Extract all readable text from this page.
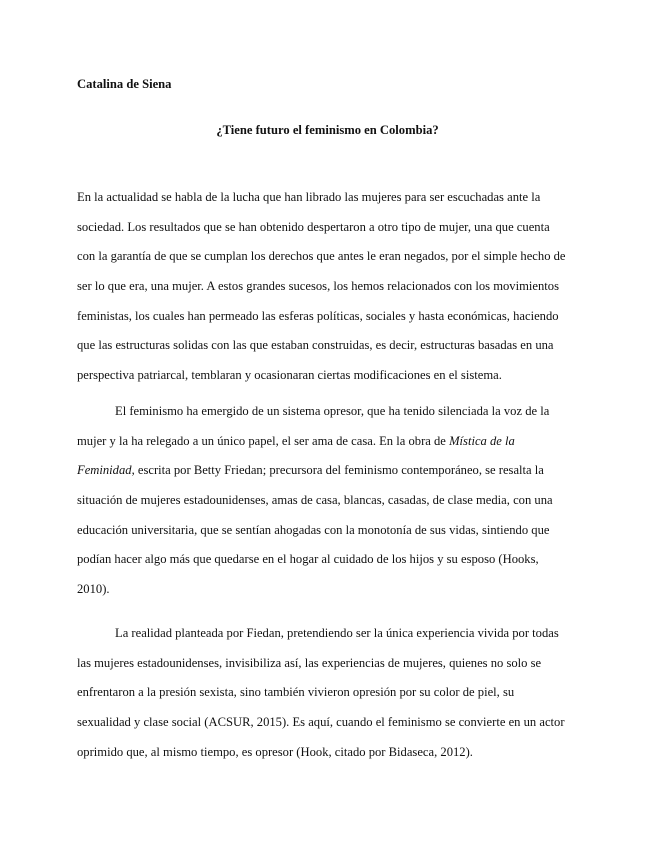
Catalina de Siena
¿Tiene futuro el feminismo en Colombia?
En la actualidad se habla de la lucha que han librado las mujeres para ser escuchadas ante la
sociedad. Los resultados que se han obtenido despertaron a otro tipo de mujer, una que cuenta
con la garantía de que se cumplan los derechos que antes le eran negados, por el simple hecho de
ser lo que era, una mujer. A estos grandes sucesos, los hemos relacionados con los movimientos
feministas, los cuales han permeado las esferas políticas, sociales y hasta económicas, haciendo
que las estructuras solidas con las que estaban construidas, es decir, estructuras basadas en una
perspectiva patriarcal, temblaran y ocasionaran ciertas modificaciones en el sistema.
El feminismo ha emergido de un sistema opresor, que ha tenido silenciada la voz de la
mujer y la ha relegado a un único papel, el ser ama de casa. En la obra de Mística de la
Feminidad, escrita por Betty Friedan; precursora del feminismo contemporáneo, se resalta la
situación de mujeres estadounidenses, amas de casa, blancas, casadas, de clase media, con una
educación universitaria, que se sentían ahogadas con la monotonía de sus vidas, sintiendo que
podían hacer algo más que quedarse en el hogar al cuidado de los hijos y su esposo (Hooks,
2010).
La realidad planteada por Fiedan, pretendiendo ser la única experiencia vivida por todas
las mujeres estadounidenses, invisibiliza así, las experiencias de mujeres, quienes no solo se
enfrentaron a la presión sexista, sino también vivieron opresión por su color de piel, su
sexualidad y clase social (ACSUR, 2015). Es aquí, cuando el feminismo se convierte en un actor
oprimido que, al mismo tiempo, es opresor (Hook, citado por Bidaseca, 2012).
